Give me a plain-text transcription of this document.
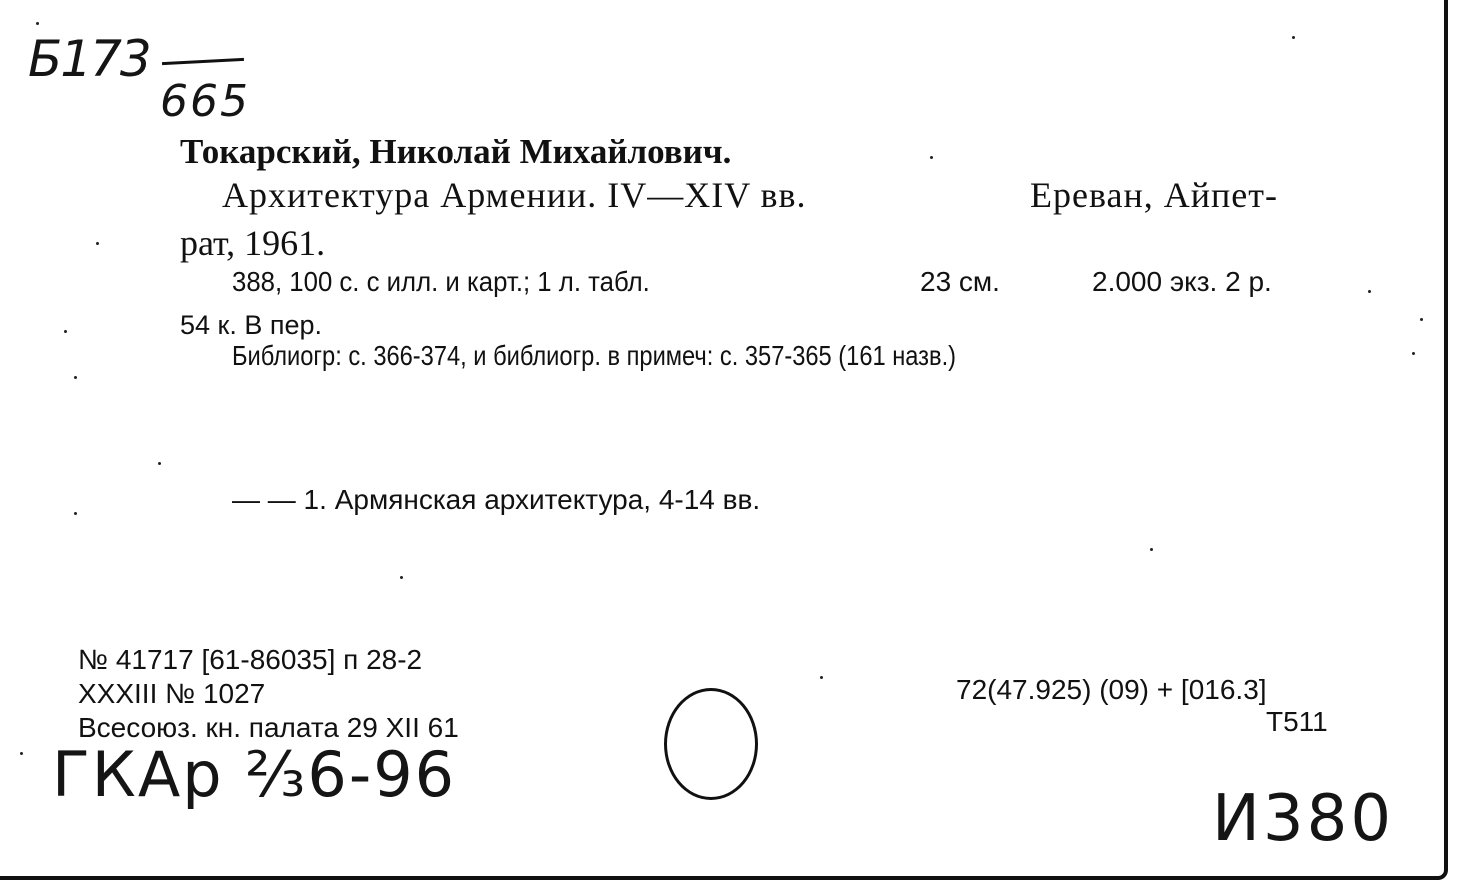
Б173
665
Токарский, Николай Михайлович.
Архитектура Армении. IV—XIV вв.	Ереван, Айпет-
рат, 1961.
388, 100 с. с илл. и карт.; 1 л. табл.	23 см.	2.000 экз. 2 р.
54 к. В пер.
Библиогр: с. 366-374, и библиогр. в примеч: с. 357-365 (161 назв.)
— — 1. Армянская архитектура, 4-14 вв.
№ 41717 [61-86035] п 28-2
XXXIII № 1027
Всесоюз. кн. палата 29 XII 61
72(47.925) (09) + [016.3]
Т511
ГКАр ⅔6-96
И380
